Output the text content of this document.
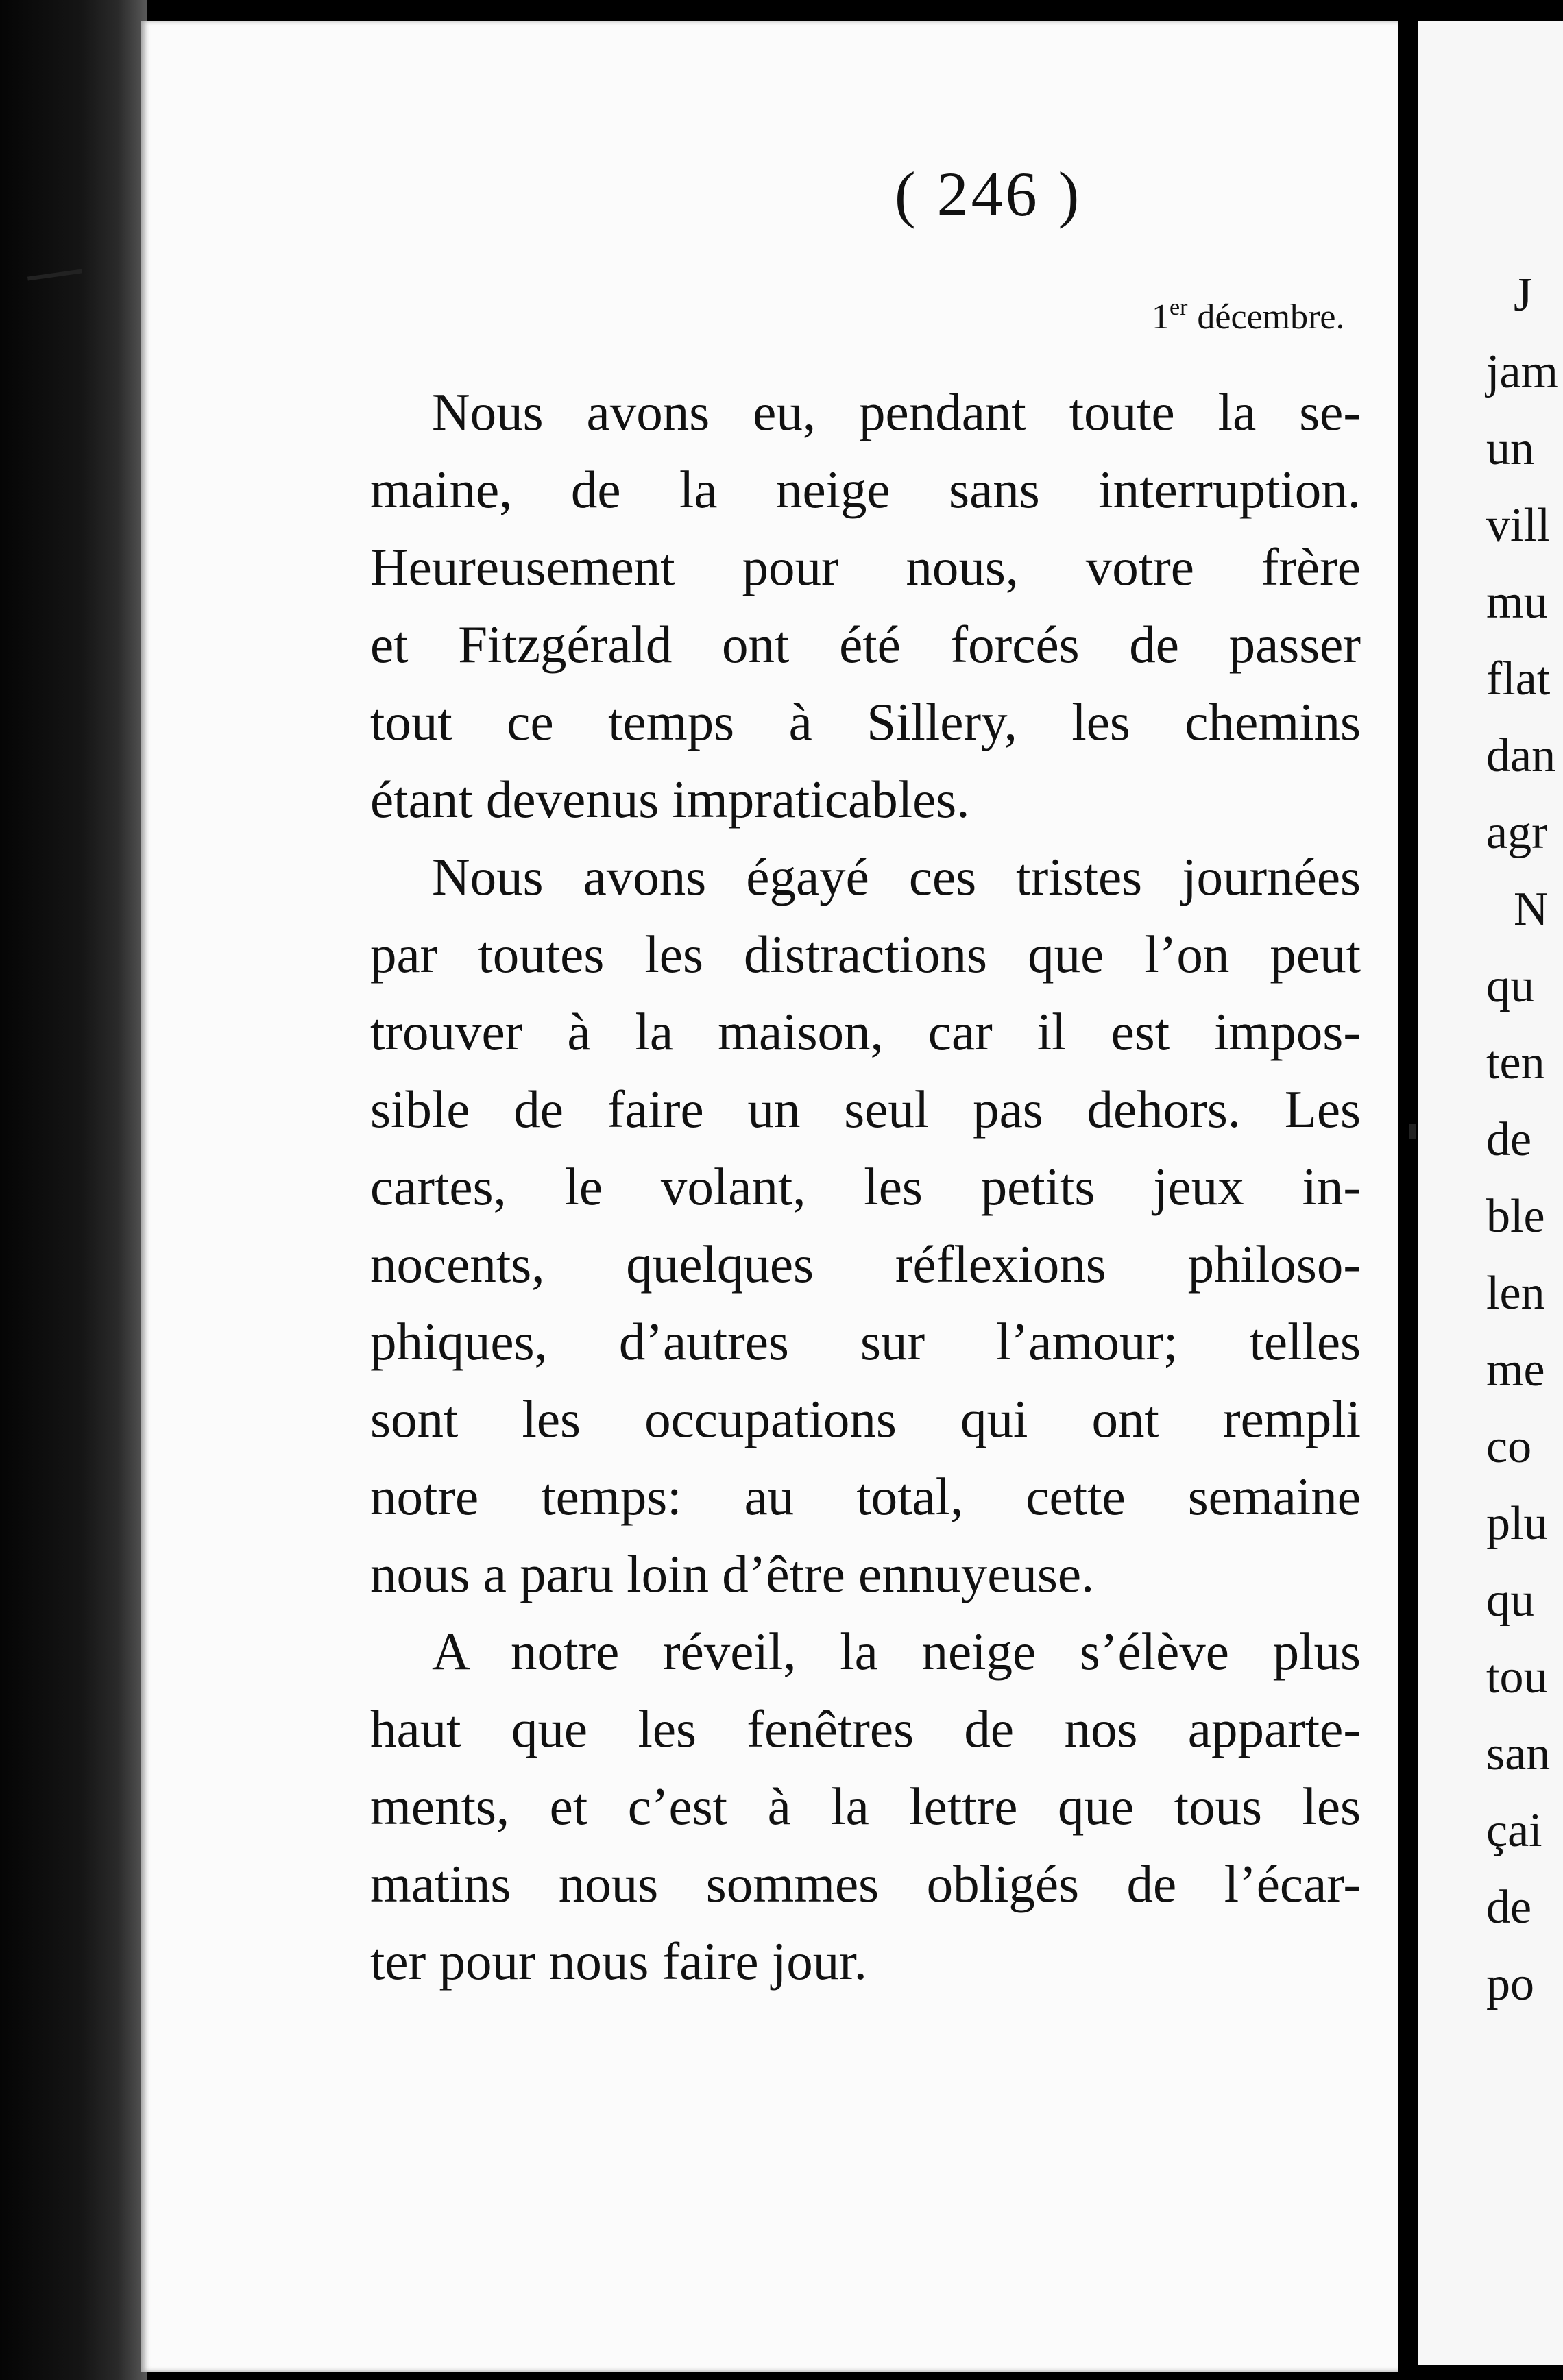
( 246 )
1er décembre.	J
jam
un
vill
mu
flat
dan
agr
N
qu
ten
de
ble
len
me
co
plu
qu
tou
san
çai
de
po
Nous avons eu, pendant toute la se-
maine, de la neige sans interruption.
Heureusement pour nous, votre frère
et Fitzgérald ont été forcés de passer
tout ce temps à Sillery, les chemins
étant devenus impraticables.
Nous avons égayé ces tristes journées
par toutes les distractions que l’on peut
trouver à la maison, car il est impos-
sible de faire un seul pas dehors. Les
cartes, le volant, les petits jeux in-
nocents, quelques réflexions philoso-
phiques, d’autres sur l’amour; telles
sont les occupations qui ont rempli
notre temps: au total, cette semaine
nous a paru loin d’être ennuyeuse.
A notre réveil, la neige s’élève plus
haut que les fenêtres de nos apparte-
ments, et c’est à la lettre que tous les
matins nous sommes obligés de l’écar-
ter pour nous faire jour.
